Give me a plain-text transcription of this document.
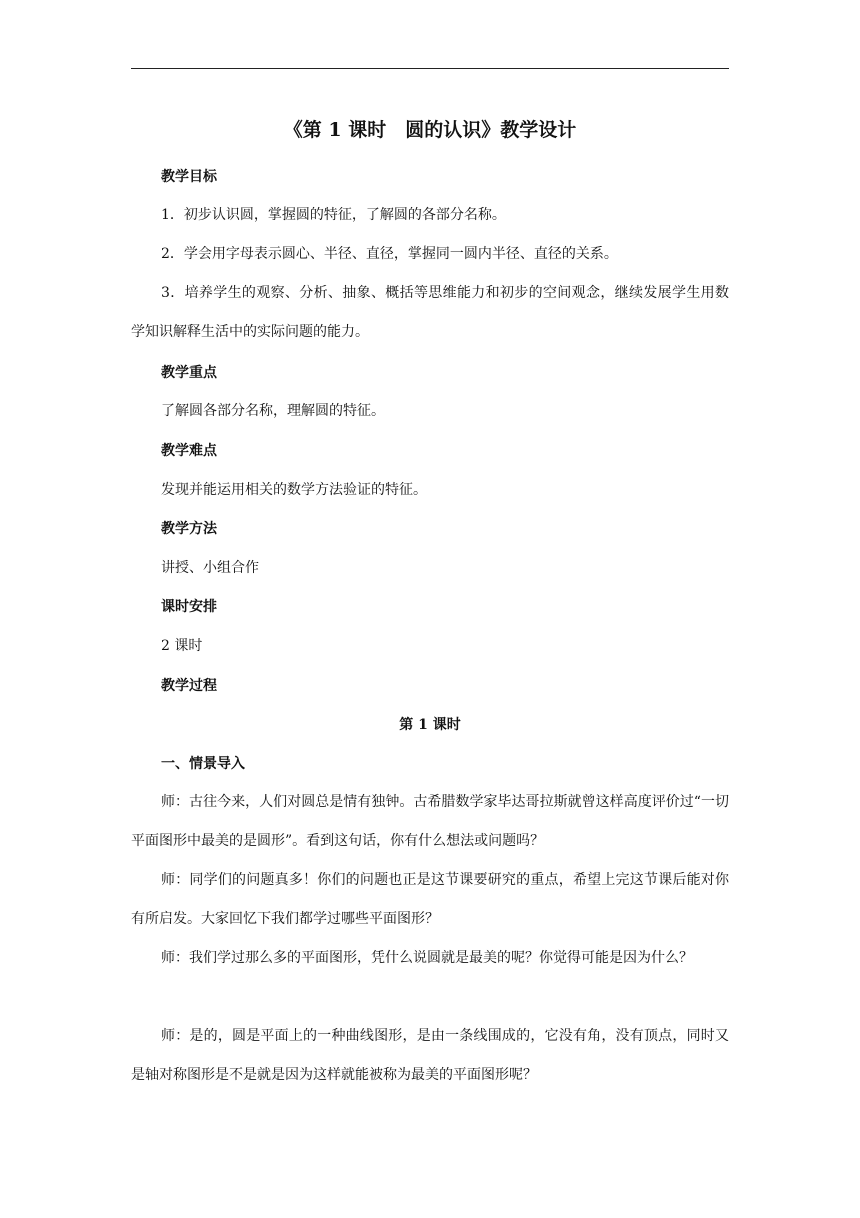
《第 1 课时　圆的认识》教学设计
教学目标

1．初步认识圆，掌握圆的特征，了解圆的各部分名称。

2．学会用字母表示圆心、半径、直径，掌握同一圆内半径、直径的关系。

3．培养学生的观察、分析、抽象、概括等思维能力和初步的空间观念，继续发展学生用数学知识解释生活中的实际问题的能力。

教学重点
了解圆各部分名称，理解圆的特征。
教学难点
发现并能运用相关的数学方法验证的特征。
教学方法
讲授、小组合作
课时安排
2 课时
教学过程
第 1 课时
一、情景导入

师：古往今来，人们对圆总是情有独钟。古希腊数学家毕达哥拉斯就曾这样高度评价过“一切平面图形中最美的是圆形”。看到这句话，你有什么想法或问题吗？

师：同学们的问题真多！你们的问题也正是这节课要研究的重点，希望上完这节课后能对你有所启发。大家回忆下我们都学过哪些平面图形？

师：我们学过那么多的平面图形，凭什么说圆就是最美的呢？你觉得可能是因为什么？

师：是的，圆是平面上的一种曲线图形，是由一条线围成的，它没有角，没有顶点，同时又是轴对称图形是不是就是因为这样就能被称为最美的平面图形呢？
